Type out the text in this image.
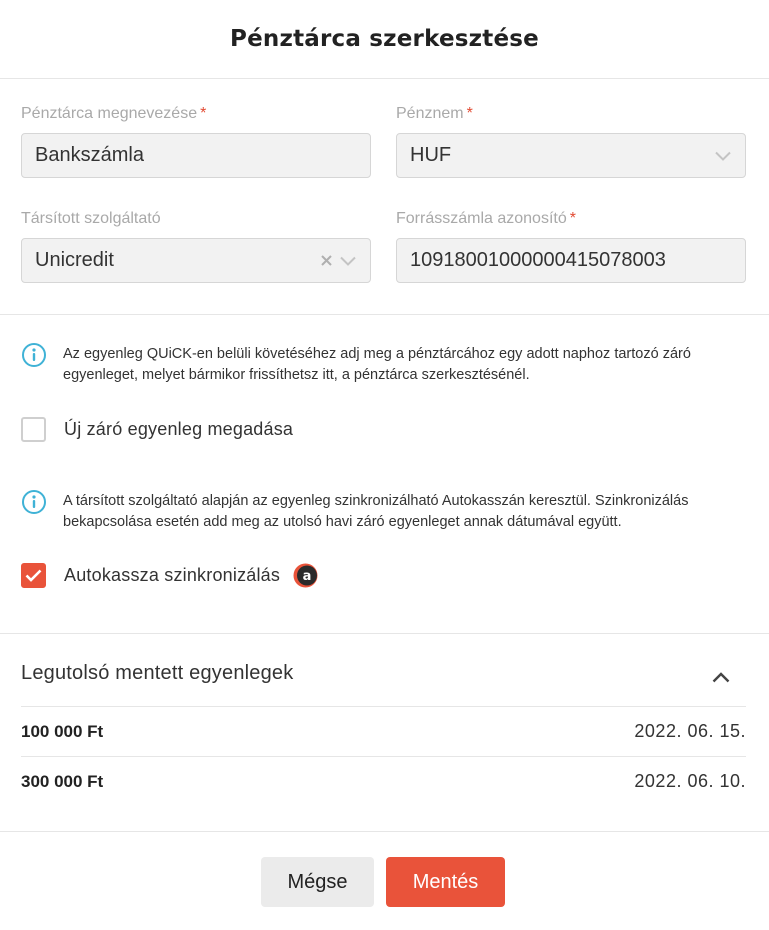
Pénztárca szerkesztése
Pénztárca megnevezése *
Bankszámla
Pénznem *
HUF
Társított szolgáltató
Unicredit
Forrásszámla azonosító *
10918001000000415078003

Az egyenleg QUiCK-en belüli követéséhez adj meg a pénztárcához egy adott naphoz tartozó záró egyenleget, melyet bármikor frissíthetsz itt, a pénztárca szerkesztésénél.

Új záró egyenleg megadása

A társított szolgáltató alapján az egyenleg szinkronizálható Autokasszán keresztül. Szinkronizálás bekapcsolása esetén add meg az utolsó havi záró egyenleget annak dátumával együtt.

Autokassza szinkronizálás a
Legutolsó mentett egyenlegek
100 000 Ft	2022. 06. 15.
300 000 Ft	2022. 06. 10.
Mégse	Mentés
